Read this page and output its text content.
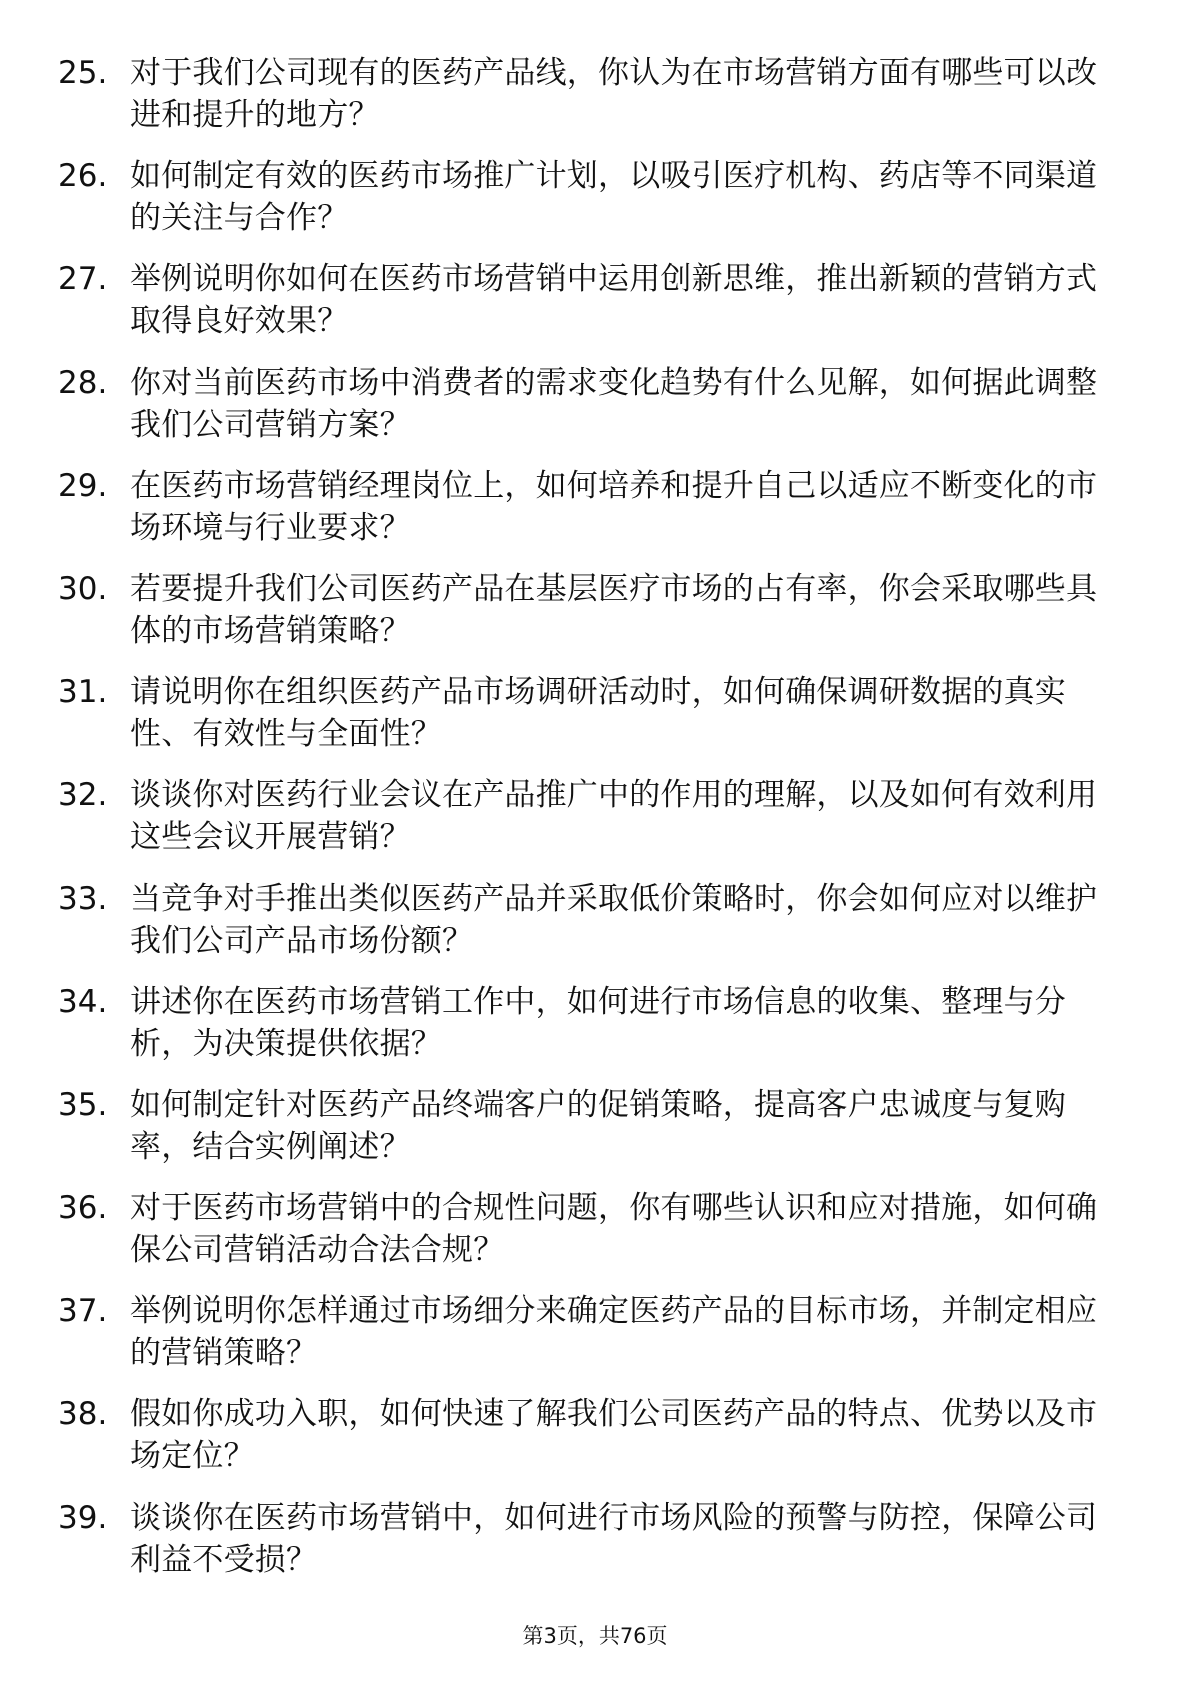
25. 对于我们公司现有的医药产品线，你认为在市场营销方面有哪些可以改进和提升的地方？
26. 如何制定有效的医药市场推广计划，以吸引医疗机构、药店等不同渠道的关注与合作？
27. 举例说明你如何在医药市场营销中运用创新思维，推出新颖的营销方式取得良好效果？
28. 你对当前医药市场中消费者的需求变化趋势有什么见解，如何据此调整我们公司营销方案？
29. 在医药市场营销经理岗位上，如何培养和提升自己以适应不断变化的市场环境与行业要求？
30. 若要提升我们公司医药产品在基层医疗市场的占有率，你会采取哪些具体的市场营销策略？
31. 请说明你在组织医药产品市场调研活动时，如何确保调研数据的真实性、有效性与全面性？
32. 谈谈你对医药行业会议在产品推广中的作用的理解，以及如何有效利用这些会议开展营销？
33. 当竞争对手推出类似医药产品并采取低价策略时，你会如何应对以维护我们公司产品市场份额？
34. 讲述你在医药市场营销工作中，如何进行市场信息的收集、整理与分析，为决策提供依据？
35. 如何制定针对医药产品终端客户的促销策略，提高客户忠诚度与复购率，结合实例阐述？
36. 对于医药市场营销中的合规性问题，你有哪些认识和应对措施，如何确保公司营销活动合法合规？
37. 举例说明你怎样通过市场细分来确定医药产品的目标市场，并制定相应的营销策略？
38. 假如你成功入职，如何快速了解我们公司医药产品的特点、优势以及市场定位？
39. 谈谈你在医药市场营销中，如何进行市场风险的预警与防控，保障公司利益不受损？
第3页，共76页
